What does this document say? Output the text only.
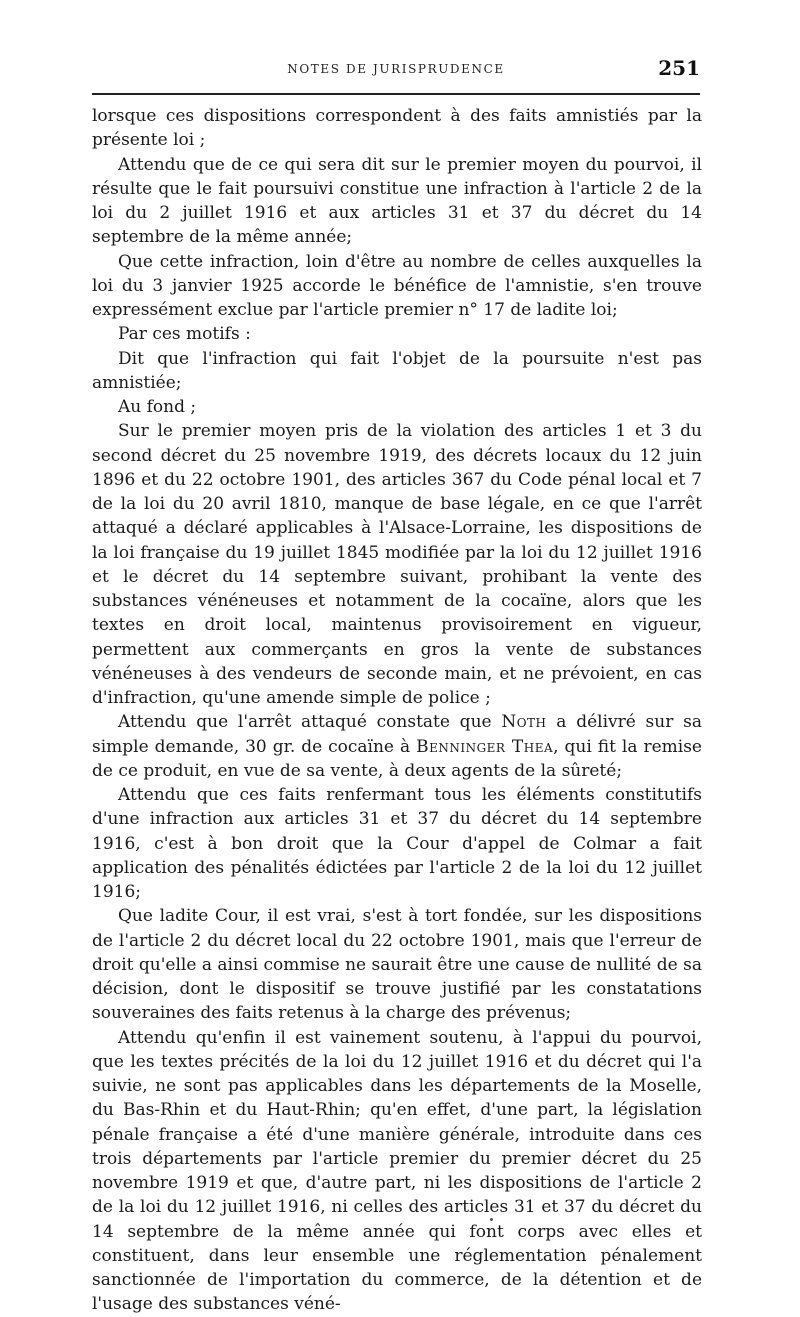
NOTES DE JURISPRUDENCE	251

lorsque ces dispositions correspondent à des faits amnistiés par la présente loi ;

Attendu que de ce qui sera dit sur le premier moyen du pourvoi, il résulte que le fait poursuivi constitue une infraction à l'article 2 de la loi du 2 juillet 1916 et aux articles 31 et 37 du décret du 14 septembre de la même année;

Que cette infraction, loin d'être au nombre de celles auxquelles la loi du 3 janvier 1925 accorde le bénéfice de l'amnistie, s'en trouve expressément exclue par l'article premier n° 17 de ladite loi;

Par ces motifs :

Dit que l'infraction qui fait l'objet de la poursuite n'est pas amnistiée;

Au fond ;

Sur le premier moyen pris de la violation des articles 1 et 3 du second décret du 25 novembre 1919, des décrets locaux du 12 juin 1896 et du 22 octobre 1901, des articles 367 du Code pénal local et 7 de la loi du 20 avril 1810, manque de base légale, en ce que l'arrêt attaqué a déclaré applicables à l'Alsace-Lorraine, les dispositions de la loi française du 19 juillet 1845 modifiée par la loi du 12 juillet 1916 et le décret du 14 septembre suivant, prohibant la vente des substances vénéneuses et notamment de la cocaïne, alors que les textes en droit local, maintenus provisoirement en vigueur, permettent aux commerçants en gros la vente de substances vénéneuses à des vendeurs de seconde main, et ne prévoient, en cas d'infraction, qu'une amende simple de police ;

Attendu que l'arrêt attaqué constate que Noth a délivré sur sa simple demande, 30 gr. de cocaïne à Benninger Thea, qui fit la remise de ce produit, en vue de sa vente, à deux agents de la sûreté;

Attendu que ces faits renfermant tous les éléments constitutifs d'une infraction aux articles 31 et 37 du décret du 14 septembre 1916, c'est à bon droit que la Cour d'appel de Colmar a fait application des pénalités édictées par l'article 2 de la loi du 12 juillet 1916;

Que ladite Cour, il est vrai, s'est à tort fondée, sur les dispositions de l'article 2 du décret local du 22 octobre 1901, mais que l'erreur de droit qu'elle a ainsi commise ne saurait être une cause de nullité de sa décision, dont le dispositif se trouve justifié par les constatations souveraines des faits retenus à la charge des prévenus;

Attendu qu'enfin il est vainement soutenu, à l'appui du pourvoi, que les textes précités de la loi du 12 juillet 1916 et du décret qui l'a suivie, ne sont pas applicables dans les départements de la Moselle, du Bas-Rhin et du Haut-Rhin; qu'en effet, d'une part, la législation pénale française a été d'une manière générale, introduite dans ces trois départements par l'article premier du premier décret du 25 novembre 1919 et que, d'autre part, ni les dispositions de l'article 2 de la loi du 12 juillet 1916, ni celles des articles 31 et 37 du décret du 14 septembre de la même année qui font corps avec elles et constituent, dans leur ensemble une réglementation pénalement sanctionnée de l'importation du commerce, de la détention et de l'usage des substances véné-
